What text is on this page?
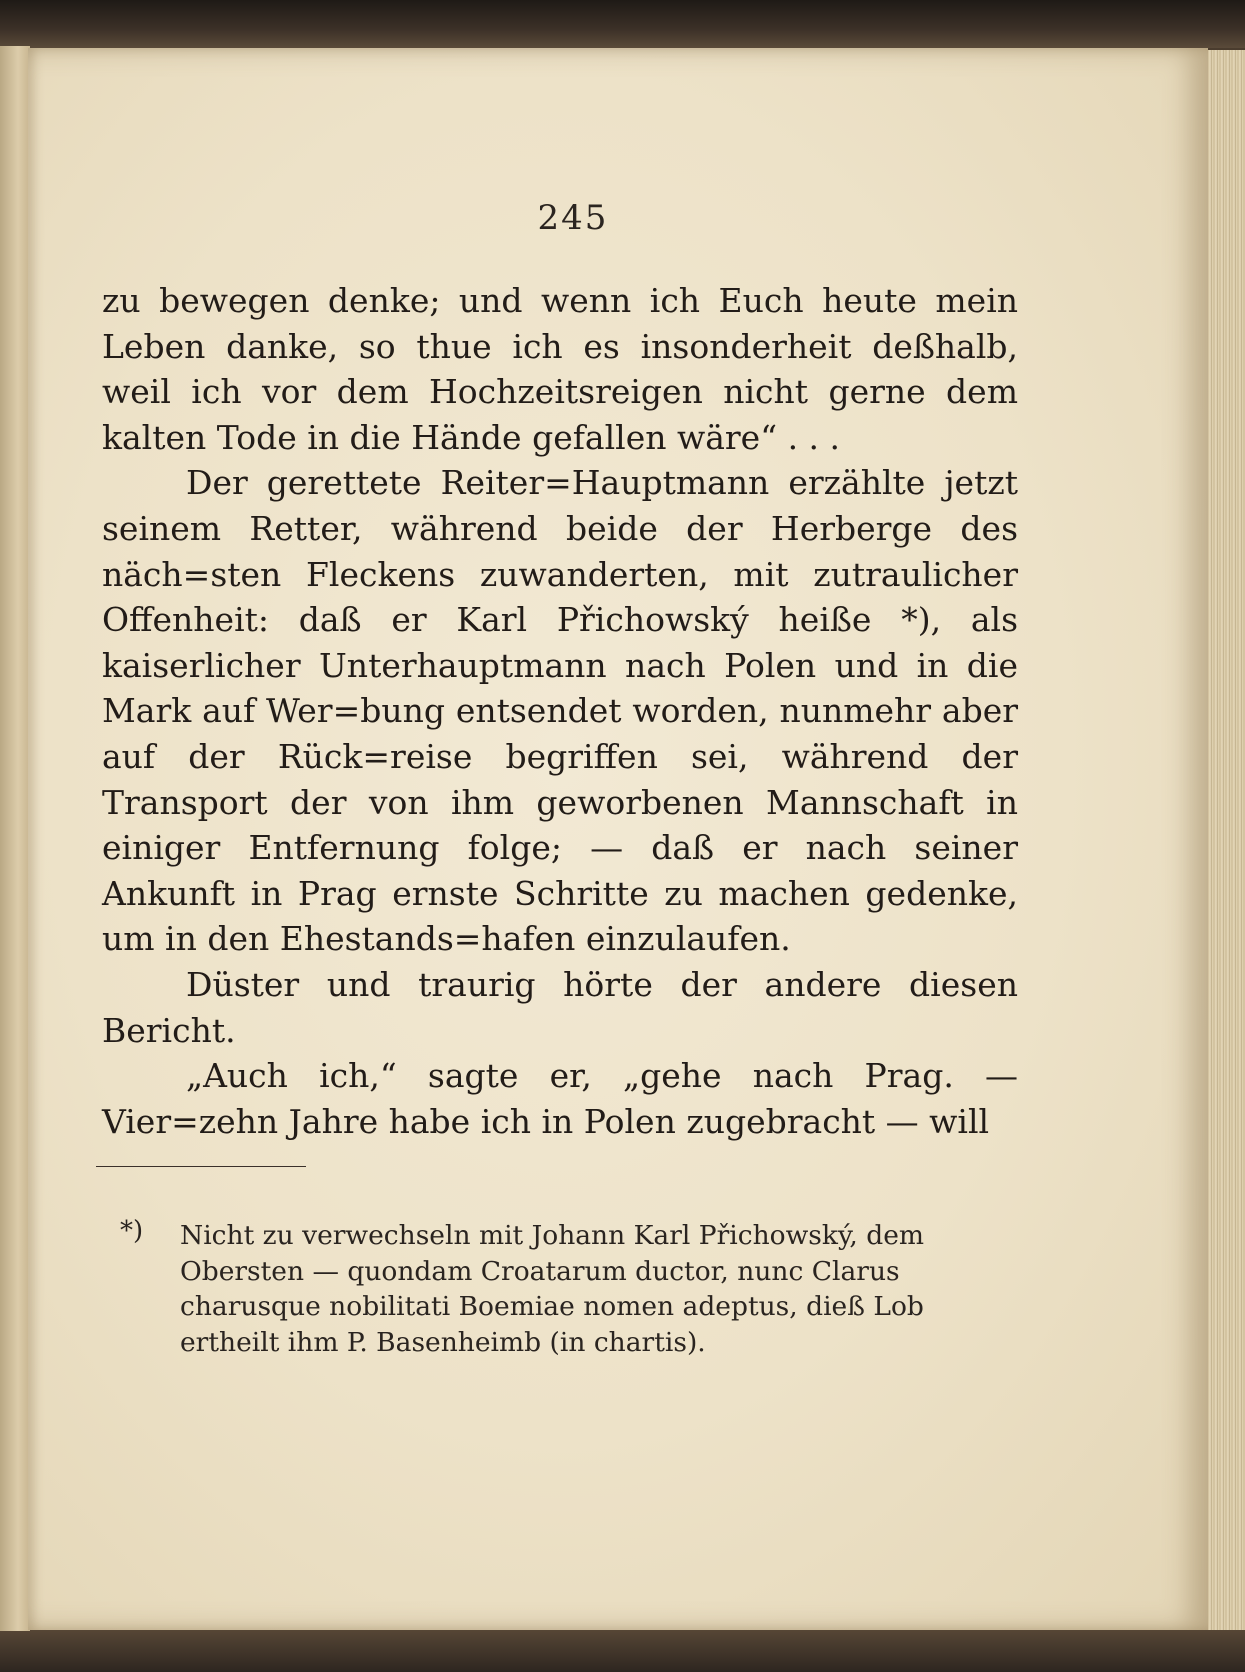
245

zu bewegen denke; und wenn ich Euch heute mein Leben danke, so thue ich es insonderheit deßhalb, weil ich vor dem Hochzeitsreigen nicht gerne dem kalten Tode in die Hände gefallen wäre“ . . .

Der gerettete Reiter=Hauptmann erzählte jetzt seinem Retter, während beide der Herberge des näch=sten Fleckens zuwanderten, mit zutraulicher Offenheit: daß er Karl Přichowský heiße *), als kaiserlicher Unterhauptmann nach Polen und in die Mark auf Wer=bung entsendet worden, nunmehr aber auf der Rück=reise begriffen sei, während der Transport der von ihm geworbenen Mannschaft in einiger Entfernung folge; — daß er nach seiner Ankunft in Prag ernste Schritte zu machen gedenke, um in den Ehestands=hafen einzulaufen.

Düster und traurig hörte der andere diesen Bericht.

„Auch ich,“ sagte er, „gehe nach Prag. — Vier=zehn Jahre habe ich in Polen zugebracht — will

*)	Nicht zu verwechseln mit Johann Karl Přichowský, dem Obersten — quondam Croatarum ductor, nunc Clarus charusque nobilitati Boemiae nomen adeptus, dieß Lob ertheilt ihm P. Basenheimb (in chartis).
